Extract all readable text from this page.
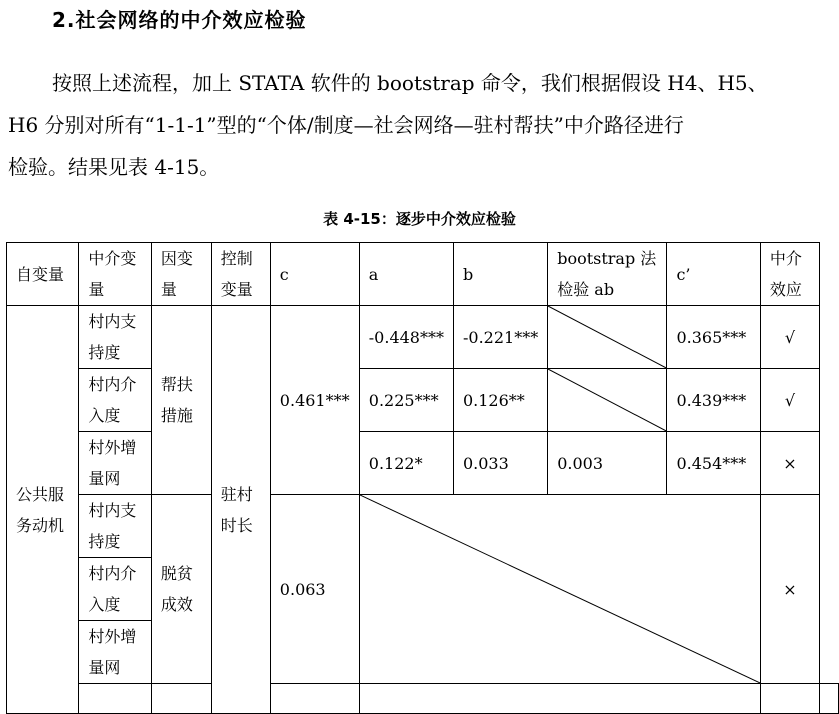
2.社会网络的中介效应检验
按照上述流程，加上 STATA 软件的 bootstrap 命令，我们根据假设 H4、H5、
H6 分别对所有“1-1-1”型的“个体/制度—社会网络—驻村帮扶”中介路径进行
检验。结果见表 4-15。
表 4-15：逐步中介效应检验
自变量	中介变量	因变量	控制变量	c	a	b	bootstrap 法检验 ab	c’	中介效应	
公共服务动机	村内支持度	帮扶措施	驻村时长	0.461***	-0.448***	-0.221***		0.365***	√	
	村内介入度				0.225***	0.126**		0.439***	√	
	村外增量网				0.122*	0.033	0.003	0.454***	×	
	村内支持度	脱贫成效		0.063					×	
	村内介入度									
	村外增量网									
